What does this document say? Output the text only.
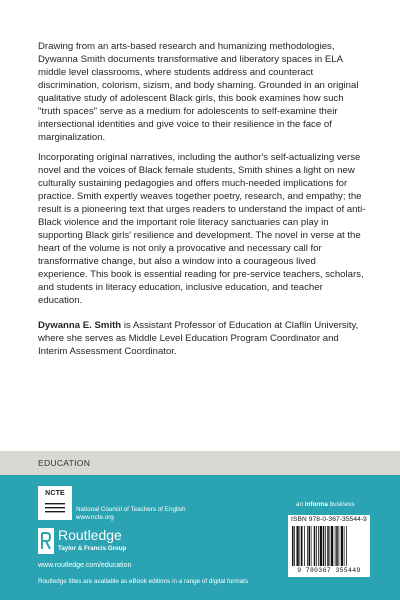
Drawing from an arts-based research and humanizing methodologies, Dywanna Smith documents transformative and liberatory spaces in ELA middle level classrooms, where students address and counteract discrimination, colorism, sizism, and body shaming. Grounded in an original qualitative study of adolescent Black girls, this book examines how such "truth spaces" serve as a medium for adolescents to self-examine their intersectional identities and give voice to their resilience in the face of marginalization.

Incorporating original narratives, including the author's self-actualizing verse novel and the voices of Black female students, Smith shines a light on new culturally sustaining pedagogies and offers much-needed implications for practice. Smith expertly weaves together poetry, research, and empathy; the result is a pioneering text that urges readers to understand the impact of anti-Black violence and the important role literacy sanctuaries can play in supporting Black girls' resilience and development. The novel in verse at the heart of the volume is not only a provocative and necessary call for transformative change, but also a window into a courageous lived experience. This book is essential reading for pre-service teachers, scholars, and students in literacy education, inclusive education, and teacher education.

Dywanna E. Smith is Assistant Professor of Education at Claflin University, where she serves as Middle Level Education Program Coordinator and Interim Assessment Coordinator.

EDUCATION
NCTE
National Council of Teachers of English
www.ncte.org
Routledge
Taylor & Francis Group
www.routledge.com/education
Routledge titles are available as eBook editions in a range of digital formats
an informa business
ISBN 978-0-367-35544-9
9 780367 355449
